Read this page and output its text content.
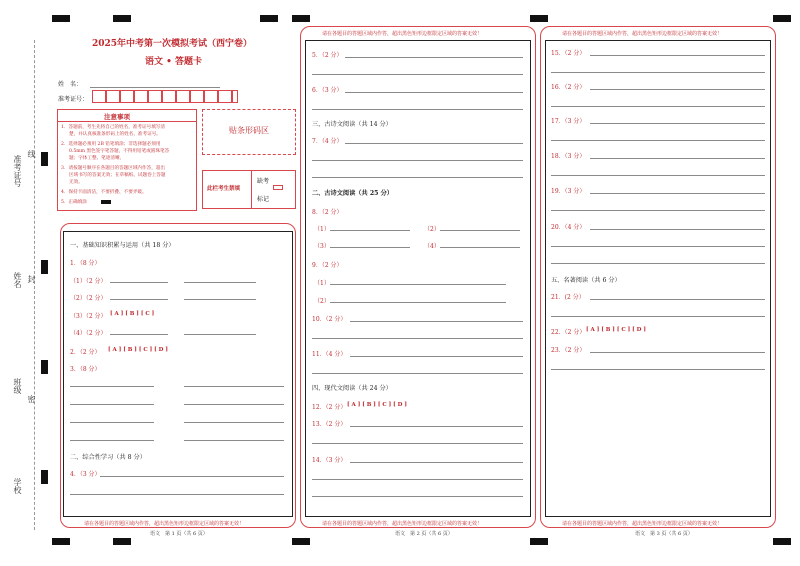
准考证号
线
姓名 封
班级
密
学校
2025年中考第一次模拟考试（西宁卷）
语文 • 答题卡
姓　名：
准考证号：
注意事项
1．答题前，考生先将自己的姓名，准考证号填写清
楚，并认真核准条形码上的姓名、准考证号。
2．选择题必须用 2B 铅笔填涂；非选择题必须用
0.5mm 黑色签字笔答题，不得用铅笔或圆珠笔答
题；字体工整、笔迹清晰。
3．请按题号顺序在各题目的答题区域内作答，超出
区域书写的答案无效；在草稿纸、试题卷上答题
无效。
4．保持卡面清洁，不要折叠、不要弄破。
5．正确填涂
贴条形码区
此栏考生禁填
缺考
标记
请在各题目的答题区域内作答，超出黑色矩形边框限定区域的答案无效！
一、基础知识积累与运用（共 18 分）
1．（8 分）
（1）（2 分）
（2）（2 分）
（3）（2 分） [ A ] [ B ] [ C ]
（4）（2 分）
2．（2 分） [ A ] [ B ] [ C ] [ D ]
3．（8 分）
二、综合性学习（共 8 分）
4．（3 分）
语文　第 1 页（共 6 页）
请在各题目的答题区域内作答，超出黑色矩形边框限定区域的答案无效！
请在各题目的答题区域内作答，超出黑色矩形边框限定区域的答案无效！
5．（2 分）
6．（3 分）
三、古诗文阅读（共 14 分）
7．（4 分）
二、古诗文阅读（共 25 分）
8．（2 分）
（1）	（2）
（3）	（4）
9．（2 分）
（1）
（2）
10．（2 分）
11．（4 分）
四、现代文阅读（共 24 分）
12．（2 分） [ A ] [ B ] [ C ] [ D ]
13．（2 分）
14．（3 分）
语文　第 2 页（共 6 页）
请在各题目的答题区域内作答，超出黑色矩形边框限定区域的答案无效！
请在各题目的答题区域内作答，超出黑色矩形边框限定区域的答案无效！
15．（2 分）
16．（2 分）
17．（3 分）
18．（3 分）
19．（3 分）
20．（4 分）
五、名著阅读（共 6 分）
21．(2 分）
22．（2 分） [ A ] [ B ] [ C ] [ D ]
23．（2 分）
语文　第 3 页（共 6 页）
